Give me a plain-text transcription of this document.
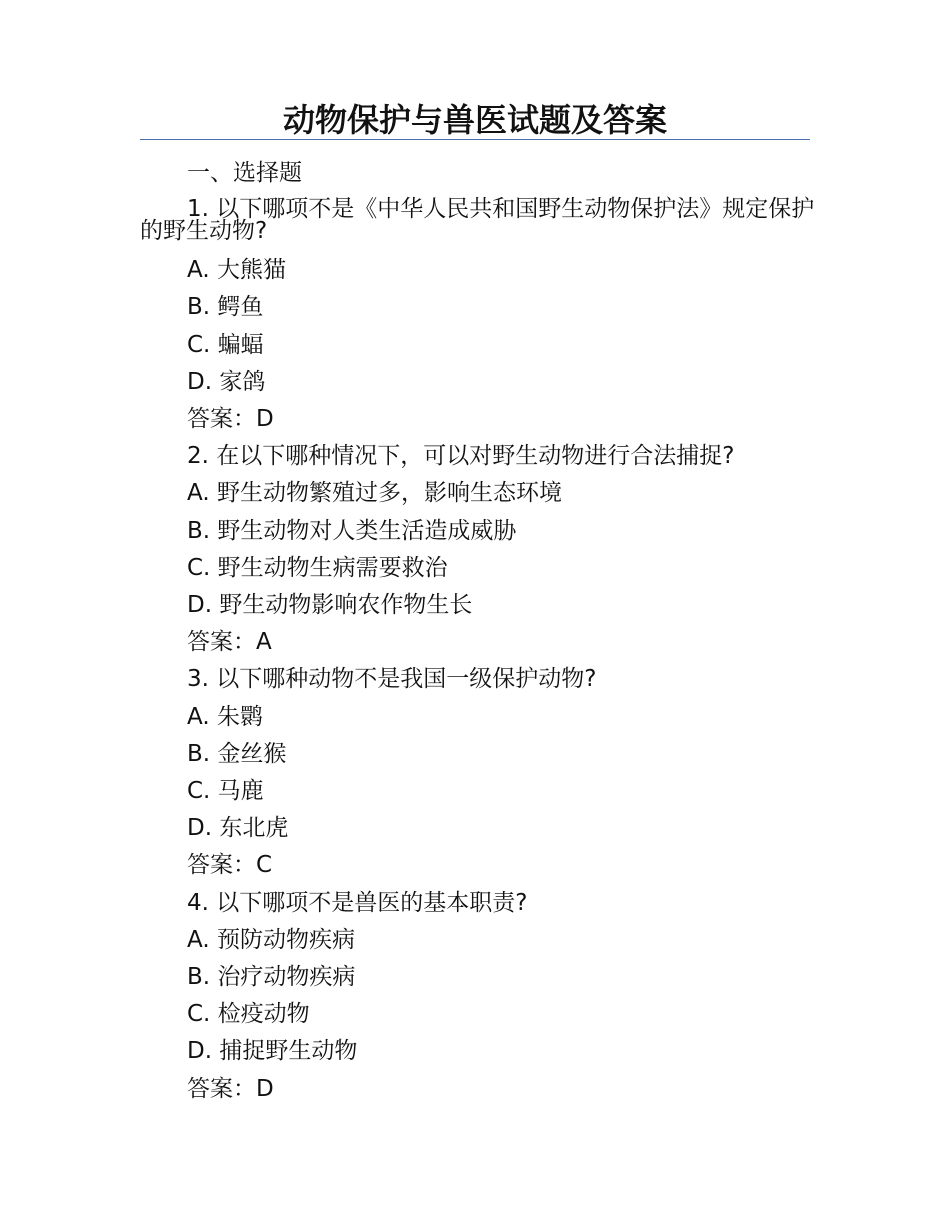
动物保护与兽医试题及答案

一、选择题

1. 以下哪项不是《中华人民共和国野生动物保护法》规定保护的野生动物?

A. 大熊猫

B. 鳄鱼

C. 蝙蝠

D. 家鸽

答案：D

2. 在以下哪种情况下，可以对野生动物进行合法捕捉?

A. 野生动物繁殖过多，影响生态环境

B. 野生动物对人类生活造成威胁

C. 野生动物生病需要救治

D. 野生动物影响农作物生长

答案：A

3. 以下哪种动物不是我国一级保护动物?

A. 朱鹮

B. 金丝猴

C. 马鹿

D. 东北虎

答案：C

4. 以下哪项不是兽医的基本职责?

A. 预防动物疾病

B. 治疗动物疾病

C. 检疫动物

D. 捕捉野生动物

答案：D
